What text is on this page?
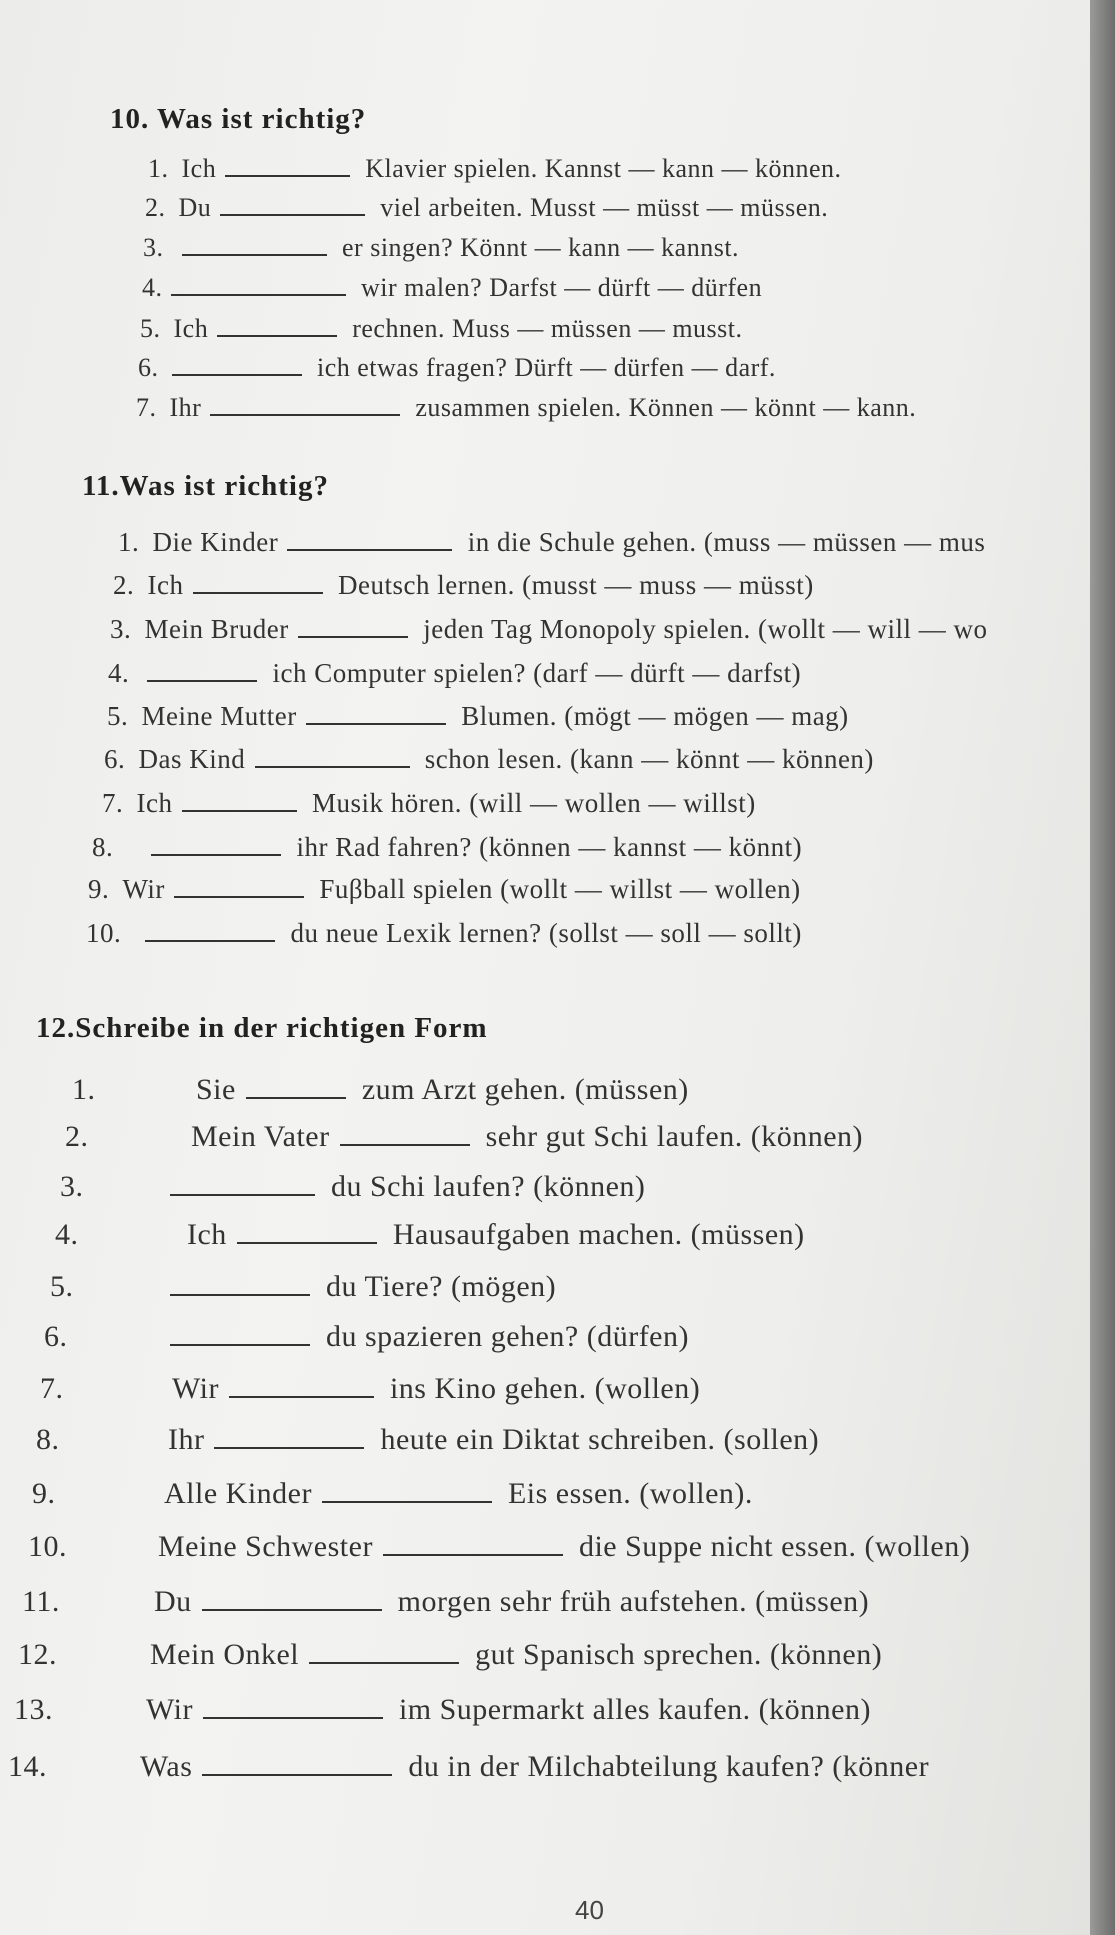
10. Was ist richtig?
1. Ich	Klavier spielen. Kannst — kann — können.
2. Du	viel arbeiten. Musst — müsst — müssen.
3.	er singen? Könnt — kann — kannst.
4.	wir malen? Darfst — dürft — dürfen
5. Ich	rechnen. Muss — müssen — musst.
6.	ich etwas fragen? Dürft — dürfen — darf.
7. Ihr	zusammen spielen. Können — könnt — kann.
11.Was ist richtig?
1. Die Kinder	in die Schule gehen. (muss — müssen — mus
2. Ich	Deutsch lernen. (musst — muss — müsst)
3. Mein Bruder	jeden Tag Monopoly spielen. (wollt — will — wo
4.	ich Computer spielen? (darf — dürft — darfst)
5. Meine Mutter	Blumen. (mögt — mögen — mag)
6. Das Kind	schon lesen. (kann — könnt — können)
7. Ich	Musik hören. (will — wollen — willst)
8.	ihr Rad fahren? (können — kannst — könnt)
9. Wir	Fuβball spielen (wollt — willst — wollen)
10.	du neue Lexik lernen? (sollst — soll — sollt)
12.Schreibe in der richtigen Form
1.	Sie	zum Arzt gehen. (müssen)
2.	Mein Vater	sehr gut Schi laufen. (können)
3.	du Schi laufen? (können)
4.	Ich	Hausaufgaben machen. (müssen)
5.	du Tiere? (mögen)
6.	du spazieren gehen? (dürfen)
7.	Wir	ins Kino gehen. (wollen)
8.	Ihr	heute ein Diktat schreiben. (sollen)
9.	Alle Kinder	Eis essen. (wollen).
10.	Meine Schwester	die Suppe nicht essen. (wollen)
11.	Du	morgen sehr früh aufstehen. (müssen)
12.	Mein Onkel	gut Spanisch sprechen. (können)
13.	Wir	im Supermarkt alles kaufen. (können)
14.	Was	du in der Milchabteilung kaufen? (könner
40
